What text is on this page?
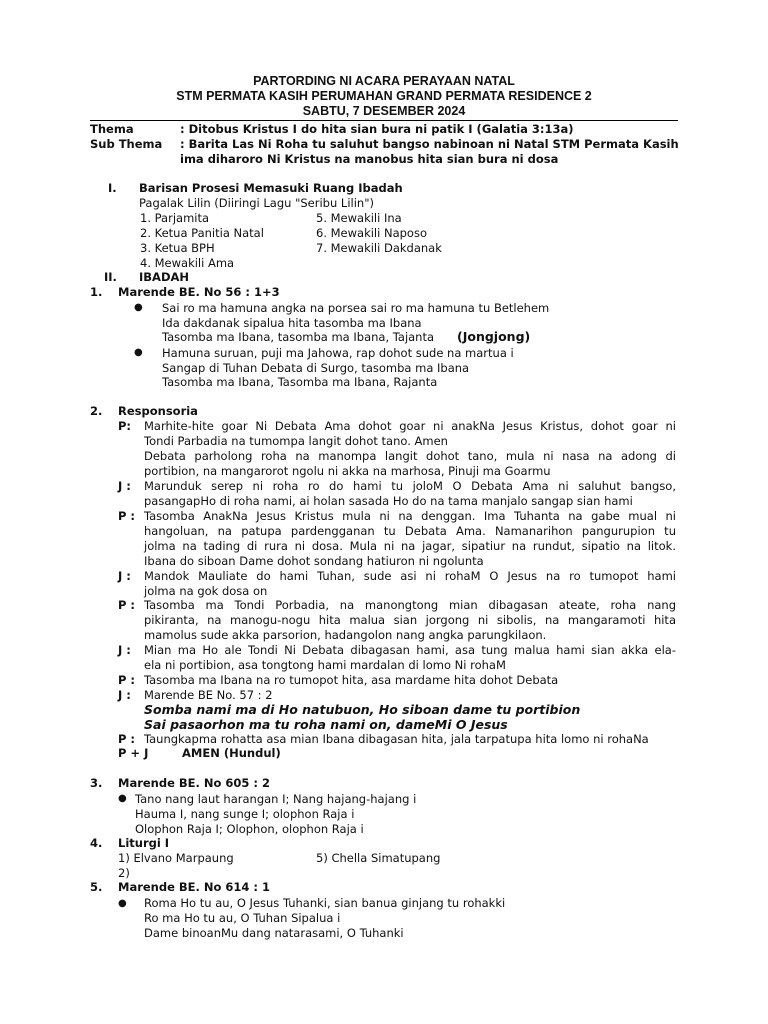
PARTORDING NI ACARA PERAYAAN NATAL
STM PERMATA KASIH PERUMAHAN GRAND PERMATA RESIDENCE 2
SABTU, 7 DESEMBER 2024
Thema	: Ditobus Kristus I do hita sian bura ni patik I (Galatia 3:13a)
Sub Thema : Barita Las Ni Roha tu saluhut bangso nabinoan ni Natal STM Permata Kasih
ima diharoro Ni Kristus na manobus hita sian bura ni dosa
I. Barisan Prosesi Memasuki Ruang Ibadah
Pagalak Lilin (Diiringi Lagu "Seribu Lilin")
1. Parjamita
2. Ketua Panitia Natal
3. Ketua BPH
4. Mewakili Ama
5. Mewakili Ina
6. Mewakili Naposo
7. Mewakili Dakdanak
II. IBADAH
1. Marende BE. No 56 : 1+3
● Sai ro ma hamuna angka na porsea sai ro ma hamuna tu Betlehem
Ida dakdanak sipalua hita tasomba ma Ibana
Tasomba ma Ibana, tasomba ma Ibana, Tajanta (Jongjong)
● Hamuna suruan, puji ma Jahowa, rap dohot sude na martua i
Sangap di Tuhan Debata di Surgo, tasomba ma Ibana
Tasomba ma Ibana, Tasomba ma Ibana, Rajanta
2. Responsoria
P: Marhite-hite goar Ni Debata Ama dohot goar ni anakNa Jesus Kristus, dohot goar ni
Tondi Parbadia na tumompa langit dohot tano. Amen
Debata parholong roha na manompa langit dohot tano, mula ni nasa na adong di
portibion, na mangarorot ngolu ni akka na marhosa, Pinuji ma Goarmu
J : Marunduk serep ni roha ro do hami tu joloM O Debata Ama ni saluhut bangso,
pasangapHo di roha nami, ai holan sasada Ho do na tama manjalo sangap sian hami
P : Tasomba AnakNa Jesus Kristus mula ni na denggan. Ima Tuhanta na gabe mual ni
hangoluan, na patupa pardengganan tu Debata Ama. Namanarihon pangurupion tu
jolma na tading di rura ni dosa. Mula ni na jagar, sipatiur na rundut, sipatio na litok.
Ibana do siboan Dame dohot sondang hatiuron ni ngolunta
J : Mandok Mauliate do hami Tuhan, sude asi ni rohaM O Jesus na ro tumopot hami
jolma na gok dosa on
P : Tasomba ma Tondi Porbadia, na manongtong mian dibagasan ateate, roha nang
pikiranta, na manogu-nogu hita malua sian jorgong ni sibolis, na mangaramoti hita
mamolus sude akka parsorion, hadangolon nang angka parungkilaon.
J : Mian ma Ho ale Tondi Ni Debata dibagasan hami, asa tung malua hami sian akka ela-
ela ni portibion, asa tongtong hami mardalan di lomo Ni rohaM
P : Tasomba ma Ibana na ro tumopot hita, asa mardame hita dohot Debata
J : Marende BE No. 57 : 2
Somba nami ma di Ho natubuon, Ho siboan dame tu portibion
Sai pasaorhon ma tu roha nami on, dameMi O Jesus
P : Taungkapma rohatta asa mian Ibana dibagasan hita, jala tarpatupa hita lomo ni rohaNa
P + J	AMEN (Hundul)
3. Marende BE. No 605 : 2
● Tano nang laut harangan I; Nang hajang-hajang i
Hauma I, nang sunge I; olophon Raja i
Olophon Raja I; Olophon, olophon Raja i
4. Liturgi I
1) Elvano Marpaung
2)
5) Chella Simatupang
5. Marende BE. No 614 : 1
● Roma Ho tu au, O Jesus Tuhanki, sian banua ginjang tu rohakki
Ro ma Ho tu au, O Tuhan Sipalua i
Dame binoanMu dang natarasami, O Tuhanki
